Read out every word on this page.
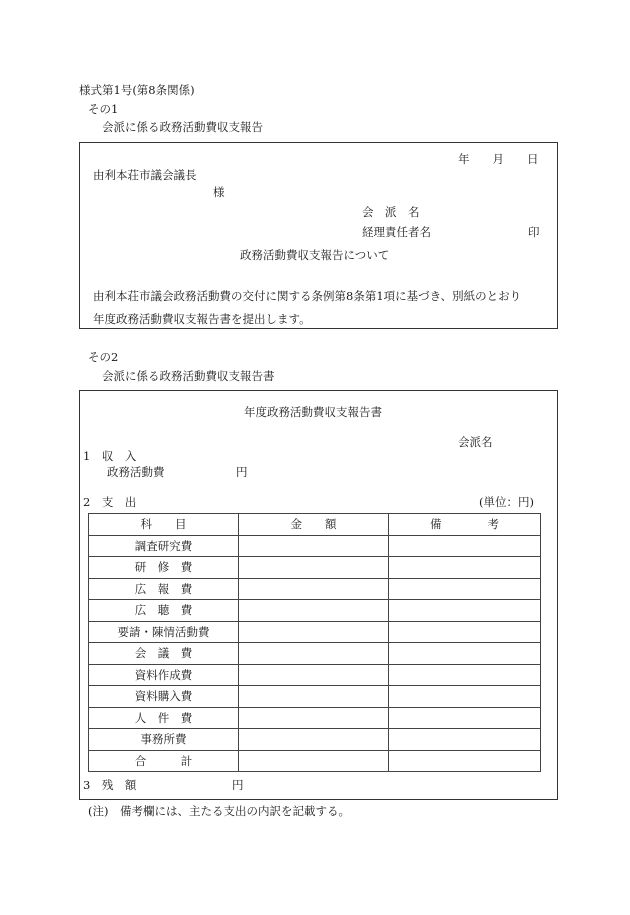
様式第1号(第8条関係)
その1
会派に係る政務活動費収支報告
年　　月　　日
由利本荘市議会議長
様
会　派　名
経理責任者名	印
政務活動費収支報告について
由利本荘市議会政務活動費の交付に関する条例第8条第1項に基づき、別紙のとおり
年度政務活動費収支報告書を提出します。
その2
会派に係る政務活動費収支報告書
年度政務活動費収支報告書
会派名
1　収　入
政務活動費	円
2　支　出	(単位：円)
科　　目	金　　額	備　　　　考
調査研究費		
研　修　費		
広　報　費		
広　聴　費		
要請・陳情活動費		
会　議　費		
資料作成費		
資料購入費		
人　件　費		
事務所費		
合　　　計		
3　残　額	円
(注)　備考欄には、主たる支出の内訳を記載する。
